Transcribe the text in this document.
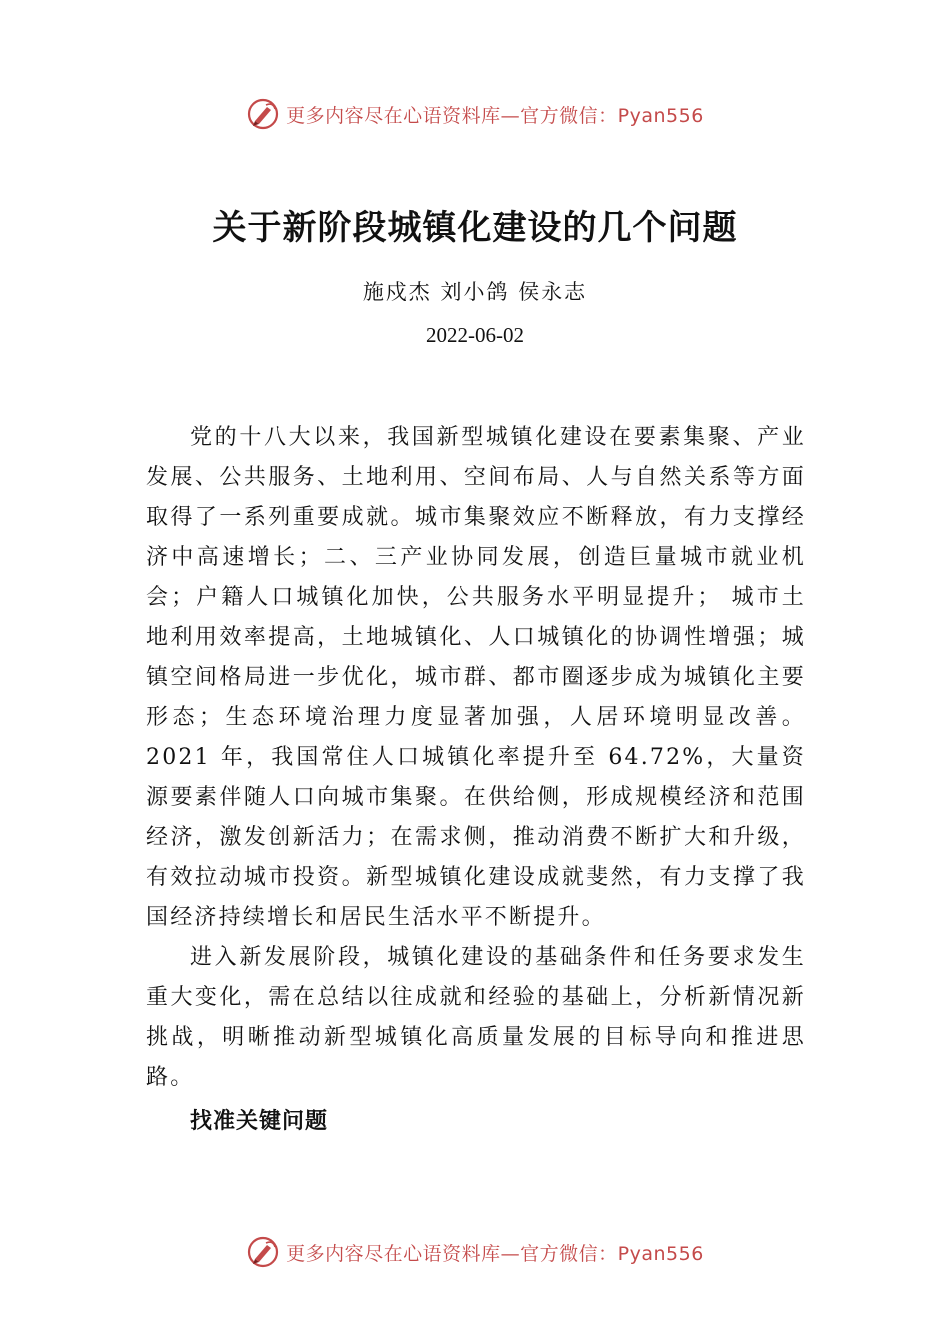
更多内容尽在心语资料库—官方微信：Pyan556
关于新阶段城镇化建设的几个问题
施戍杰 刘小鸽 侯永志
2022-06-02

党的十八大以来，我国新型城镇化建设在要素集聚、产业发展、公共服务、土地利用、空间布局、人与自然关系等方面取得了一系列重要成就。城市集聚效应不断释放，有力支撑经济中高速增长；二、三产业协同发展，创造巨量城市就业机会；户籍人口城镇化加快，公共服务水平明显提升； 城市土地利用效率提高，土地城镇化、人口城镇化的协调性增强；城镇空间格局进一步优化，城市群、都市圈逐步成为城镇化主要形态；生态环境治理力度显著加强，人居环境明显改善。2021 年，我国常住人口城镇化率提升至 64.72%，大量资源要素伴随人口向城市集聚。在供给侧，形成规模经济和范围经济，激发创新活力；在需求侧，推动消费不断扩大和升级，有效拉动城市投资。新型城镇化建设成就斐然，有力支撑了我国经济持续增长和居民生活水平不断提升。

进入新发展阶段，城镇化建设的基础条件和任务要求发生重大变化，需在总结以往成就和经验的基础上，分析新情况新挑战，明晰推动新型城镇化高质量发展的目标导向和推进思路。

找准关键问题
更多内容尽在心语资料库—官方微信：Pyan556
